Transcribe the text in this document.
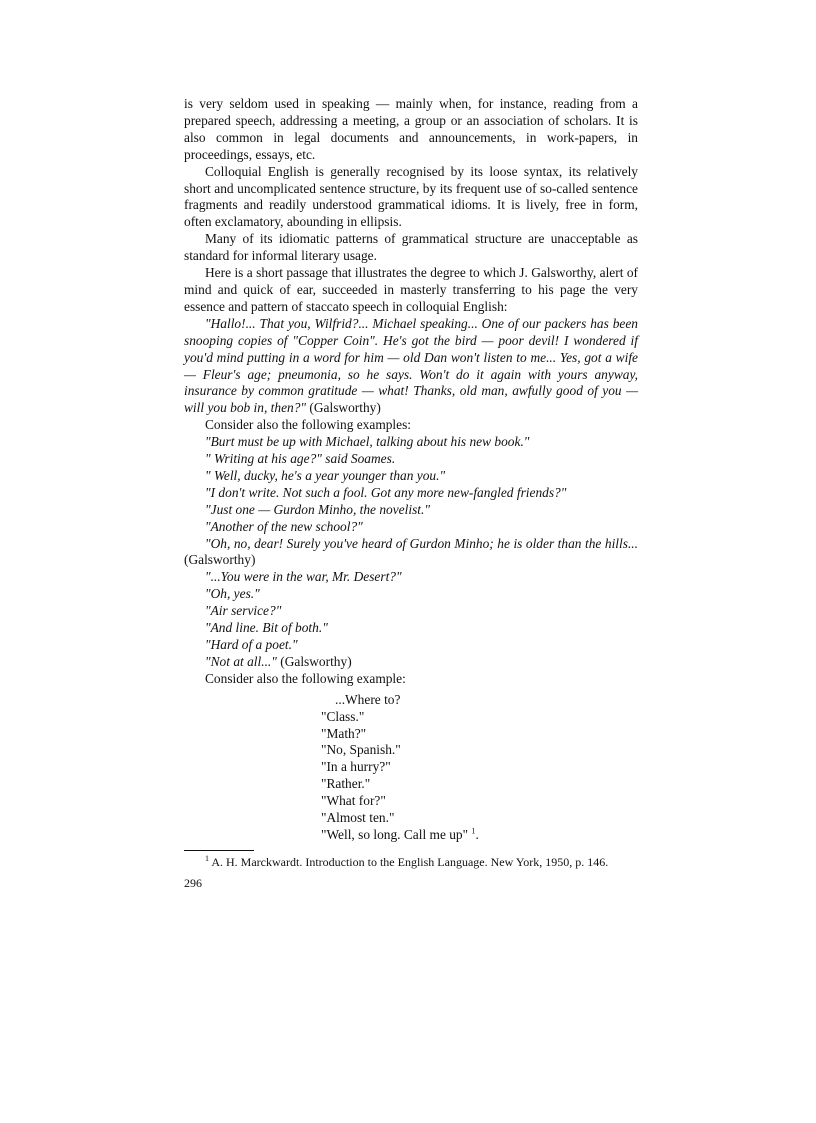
is very seldom used in speaking — mainly when, for instance, reading from a prepared speech, addressing a meeting, a group or an association of scholars. It is also common in legal documents and announcements, in work-papers, in proceedings, essays, etc.

Colloquial English is generally recognised by its loose syntax, its relatively short and uncomplicated sentence structure, by its frequent use of so-called sentence fragments and readily understood grammatical idioms. It is lively, free in form, often exclamatory, abounding in ellipsis.

Many of its idiomatic patterns of grammatical structure are unacceptable as standard for informal literary usage.

Here is a short passage that illustrates the degree to which J. Galsworthy, alert of mind and quick of ear, succeeded in masterly transferring to his page the very essence and pattern of staccato speech in colloquial English:

"Hallo!... That you, Wilfrid?... Michael speaking... One of our packers has been snooping copies of "Copper Coin". He's got the bird — poor devil! I wondered if you'd mind putting in a word for him — old Dan won't listen to me... Yes, got a wife — Fleur's age; pneumonia, so he says. Won't do it again with yours anyway, insurance by common gratitude — what! Thanks, old man, awfully good of you — will you bob in, then?" (Galsworthy)

Consider also the following examples:

"Burt must be up with Michael, talking about his new book."

" Writing at his age?" said Soames.

" Well, ducky, he's a year younger than you."

"I don't write. Not such a fool. Got any more new-fangled friends?"

"Just one — Gurdon Minho, the novelist."

"Another of the new school?"

"Oh, no, dear! Surely you've heard of Gurdon Minho; he is older than the hills... (Galsworthy)

"...You were in the war, Mr. Desert?"

"Oh, yes."

"Air service?"

"And line. Bit of both."

"Hard of a poet."

"Not at all..." (Galsworthy)

Consider also the following example:

...Where to?
"Class."
"Math?"
"No, Spanish."
"In a hurry?"
"Rather."
"What for?"
"Almost ten."
"Well, so long. Call me up" $^1$.
$^1$ A. H. Marckwardt. Introduction to the English Language. New York, 1950, p. 146.
296
